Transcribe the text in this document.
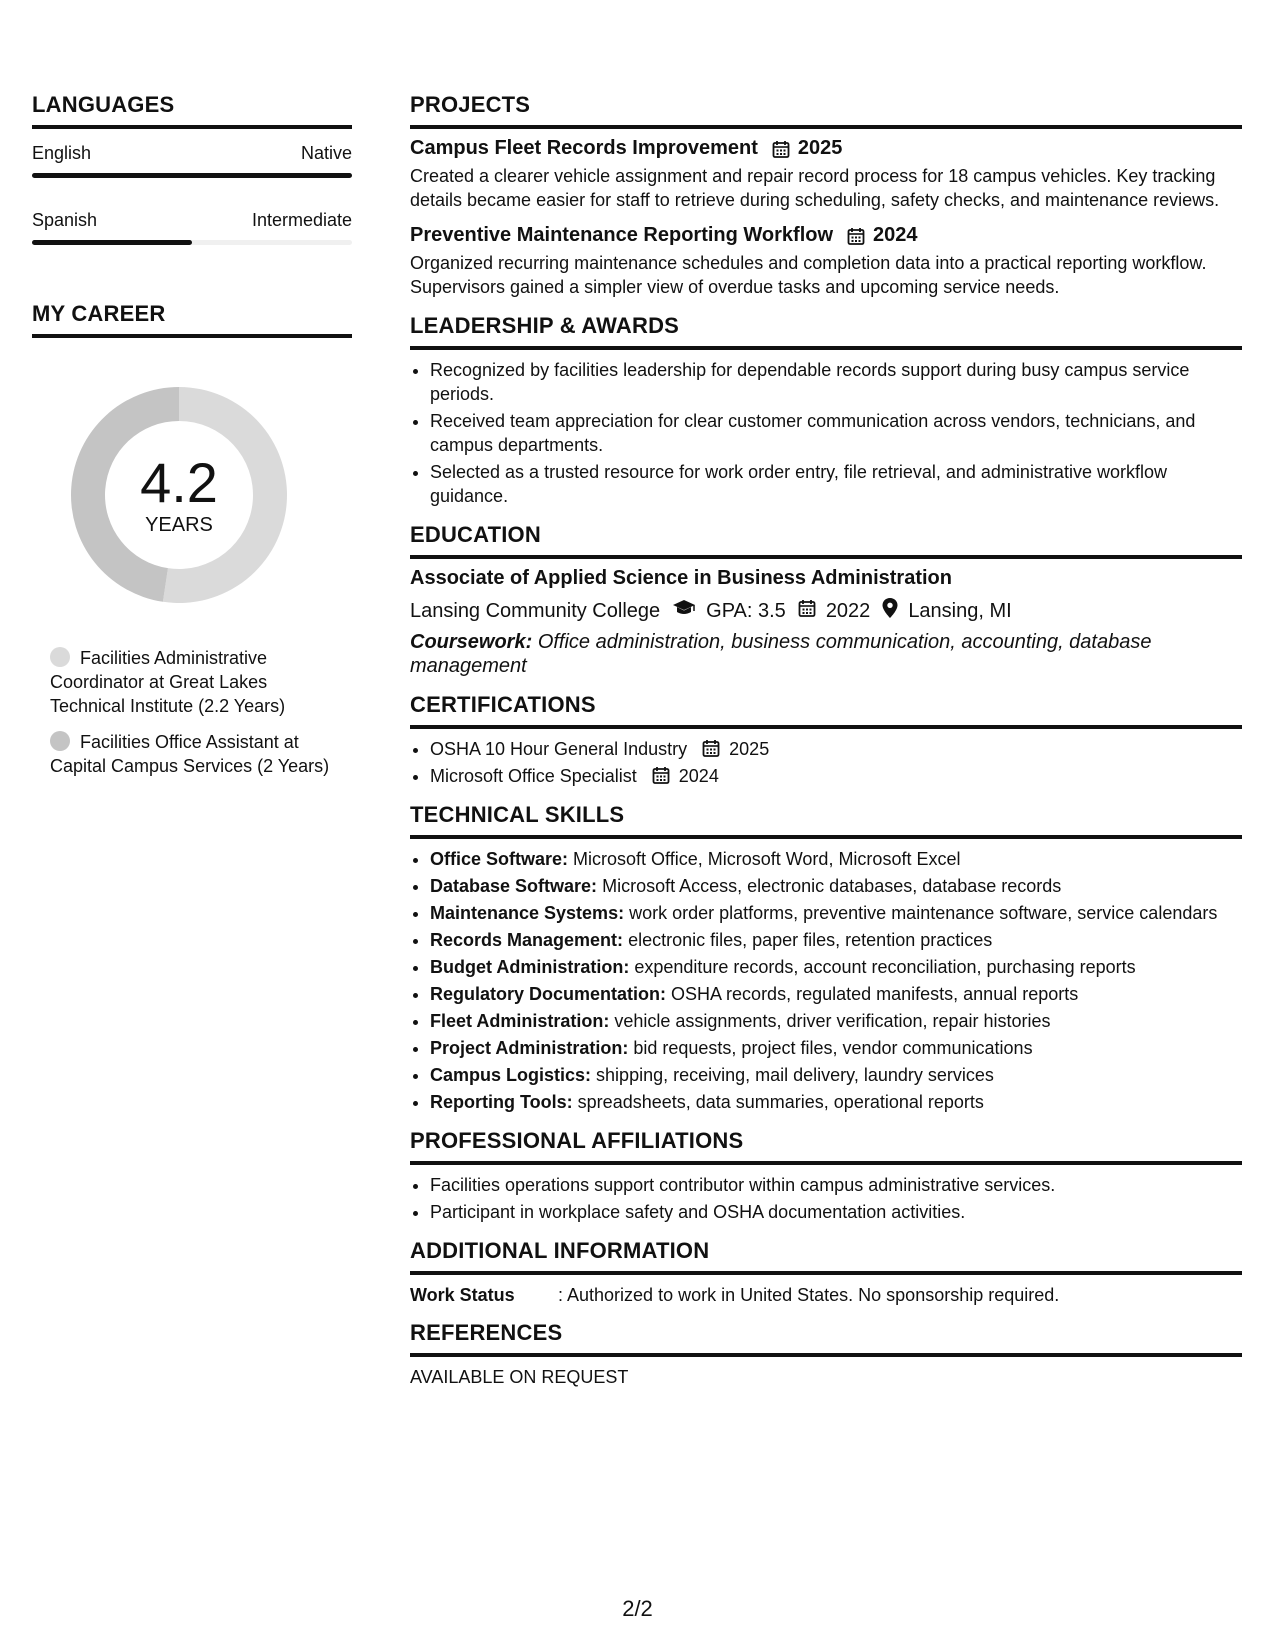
LANGUAGES
English	Native
Spanish	Intermediate
MY CAREER
4.2
YEARS
Facilities Administrative Coordinator at Great Lakes Technical Institute (2.2 Years)
Facilities Office Assistant at Capital Campus Services (2 Years)
PROJECTS
Campus Fleet Records Improvement 2025
Created a clearer vehicle assignment and repair record process for 18 campus vehicles. Key tracking details became easier for staff to retrieve during scheduling, safety checks, and maintenance reviews.
Preventive Maintenance Reporting Workflow 2024
Organized recurring maintenance schedules and completion data into a practical reporting workflow. Supervisors gained a simpler view of overdue tasks and upcoming service needs.
LEADERSHIP & AWARDS
• Recognized by facilities leadership for dependable records support during busy campus service periods.
• Received team appreciation for clear customer communication across vendors, technicians, and campus departments.
• Selected as a trusted resource for work order entry, file retrieval, and administrative workflow guidance.
EDUCATION
Associate of Applied Science in Business Administration
Lansing Community College GPA: 3.5 2022 Lansing, MI
Coursework: Office administration, business communication, accounting, database management
CERTIFICATIONS
• OSHA 10 Hour General Industry 2025
• Microsoft Office Specialist 2024
TECHNICAL SKILLS
• Office Software: Microsoft Office, Microsoft Word, Microsoft Excel
• Database Software: Microsoft Access, electronic databases, database records
• Maintenance Systems: work order platforms, preventive maintenance software, service calendars
• Records Management: electronic files, paper files, retention practices
• Budget Administration: expenditure records, account reconciliation, purchasing reports
• Regulatory Documentation: OSHA records, regulated manifests, annual reports
• Fleet Administration: vehicle assignments, driver verification, repair histories
• Project Administration: bid requests, project files, vendor communications
• Campus Logistics: shipping, receiving, mail delivery, laundry services
• Reporting Tools: spreadsheets, data summaries, operational reports
PROFESSIONAL AFFILIATIONS
• Facilities operations support contributor within campus administrative services.
• Participant in workplace safety and OSHA documentation activities.
ADDITIONAL INFORMATION
Work Status	: Authorized to work in United States. No sponsorship required.
REFERENCES
AVAILABLE ON REQUEST
2/2
